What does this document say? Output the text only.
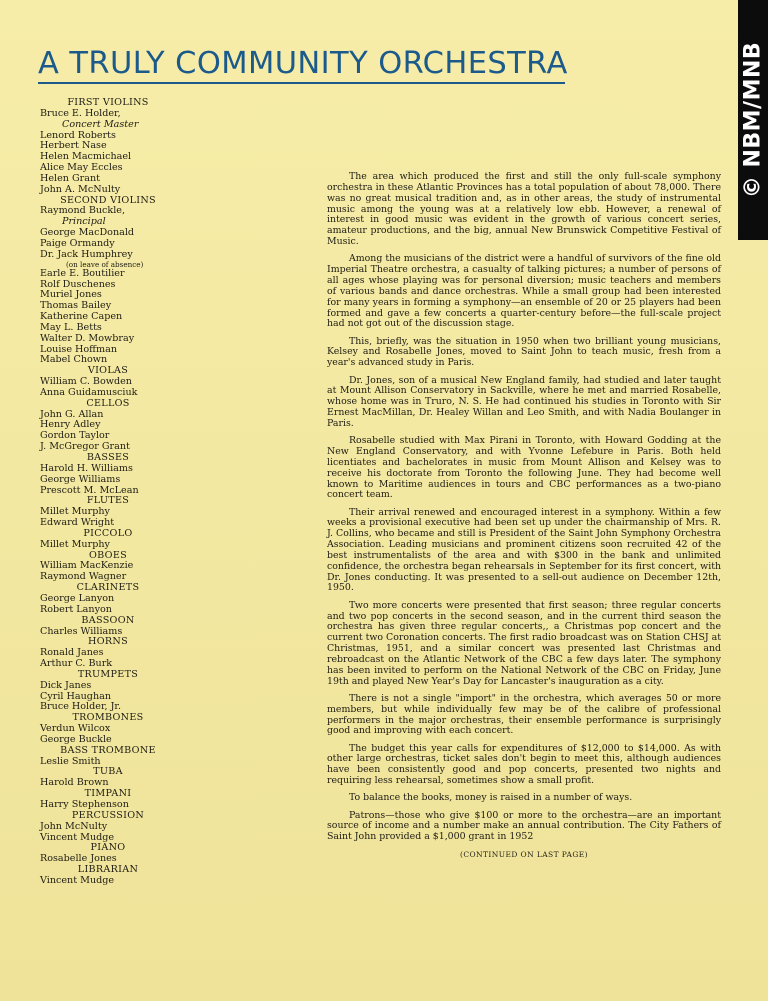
A TRULY COMMUNITY ORCHESTRA	© NBM/MNB
FIRST VIOLINS
Bruce E. Holder,
Concert Master
Lenord Roberts
Herbert Nase
Helen Macmichael
Alice May Eccles
Helen Grant
John A. McNulty
SECOND VIOLINS
Raymond Buckle,
Principal
George MacDonald
Paige Ormandy
Dr. Jack Humphrey
(on leave of absence)
Earle E. Boutilier
Rolf Duschenes
Muriel Jones
Thomas Bailey
Katherine Capen
May L. Betts
Walter D. Mowbray
Louise Hoffman
Mabel Chown
VIOLAS
William C. Bowden
Anna Guidamusciuk
CELLOS
John G. Allan
Henry Adley
Gordon Taylor
J. McGregor Grant
BASSES
Harold H. Williams
George Williams
Prescott M. McLean
FLUTES
Millet Murphy
Edward Wright
PICCOLO
Millet Murphy
OBOES
William MacKenzie
Raymond Wagner
CLARINETS
George Lanyon
Robert Lanyon
BASSOON
Charles Williams
HORNS
Ronald Janes
Arthur C. Burk
TRUMPETS
Dick Janes
Cyril Haughan
Bruce Holder, Jr.
TROMBONES
Verdun Wilcox
George Buckle
BASS TROMBONE
Leslie Smith
TUBA
Harold Brown
TIMPANI
Harry Stephenson
PERCUSSION
John McNulty
Vincent Mudge
PIANO
Rosabelle Jones
LIBRARIAN
Vincent Mudge

The area which produced the first and still the only full-scale symphony orchestra in these Atlantic Provinces has a total population of about 78,000. There was no great musical tradition and, as in other areas, the study of instrumental music among the young was at a relatively low ebb. However, a renewal of interest in good music was evident in the growth of various concert series, amateur productions, and the big, annual New Brunswick Competitive Festival of Music.

Among the musicians of the district were a handful of survivors of the fine old Imperial Theatre orchestra, a casualty of talking pictures; a number of persons of all ages whose playing was for personal diversion; music teachers and members of various bands and dance orchestras. While a small group had been interested for many years in forming a symphony—an ensemble of 20 or 25 players had been formed and gave a few concerts a quarter-century before—the full-scale project had not got out of the discussion stage.

This, briefly, was the situation in 1950 when two brilliant young musicians, Kelsey and Rosabelle Jones, moved to Saint John to teach music, fresh from a year's advanced study in Paris.

Dr. Jones, son of a musical New England family, had studied and later taught at Mount Allison Conservatory in Sackville, where he met and married Rosabelle, whose home was in Truro, N. S. He had continued his studies in Toronto with Sir Ernest MacMillan, Dr. Healey Willan and Leo Smith, and with Nadia Boulanger in Paris.

Rosabelle studied with Max Pirani in Toronto, with Howard Godding at the New England Conservatory, and with Yvonne Lefebure in Paris. Both held licentiates and bachelorates in music from Mount Allison and Kelsey was to receive his doctorate from Toronto the following June. They had become well known to Maritime audiences in tours and CBC performances as a two-piano concert team.

Their arrival renewed and encouraged interest in a symphony. Within a few weeks a provisional executive had been set up under the chairmanship of Mrs. R. J. Collins, who became and still is President of the Saint John Symphony Orchestra Association. Leading musicians and prominent citizens soon recruited 42 of the best instrumentalists of the area and with $300 in the bank and unlimited confidence, the orchestra began rehearsals in September for its first concert, with Dr. Jones conducting. It was presented to a sell-out audience on December 12th, 1950.

Two more concerts were presented that first season; three regular concerts and two pop concerts in the second season, and in the current third season the orchestra has given three regular concerts,, a Christmas pop concert and the current two Coronation concerts. The first radio broadcast was on Station CHSJ at Christmas, 1951, and a similar concert was presented last Christmas and rebroadcast on the Atlantic Network of the CBC a few days later. The symphony has been invited to perform on the National Network of the CBC on Friday, June 19th and played New Year's Day for Lancaster's inauguration as a city.

There is not a single "import" in the orchestra, which averages 50 or more members, but while individually few may be of the calibre of professional performers in the major orchestras, their ensemble performance is surprisingly good and improving with each concert.

The budget this year calls for expenditures of $12,000 to $14,000. As with other large orchestras, ticket sales don't begin to meet this, although audiences have been consistently good and pop concerts, presented two nights and requiring less rehearsal, sometimes show a small profit.

To balance the books, money is raised in a number of ways.

Patrons—those who give $100 or more to the orchestra—are an important source of income and a number make an annual contribution. The City Fathers of Saint John provided a $1,000 grant in 1952

(CONTINUED ON LAST PAGE)
